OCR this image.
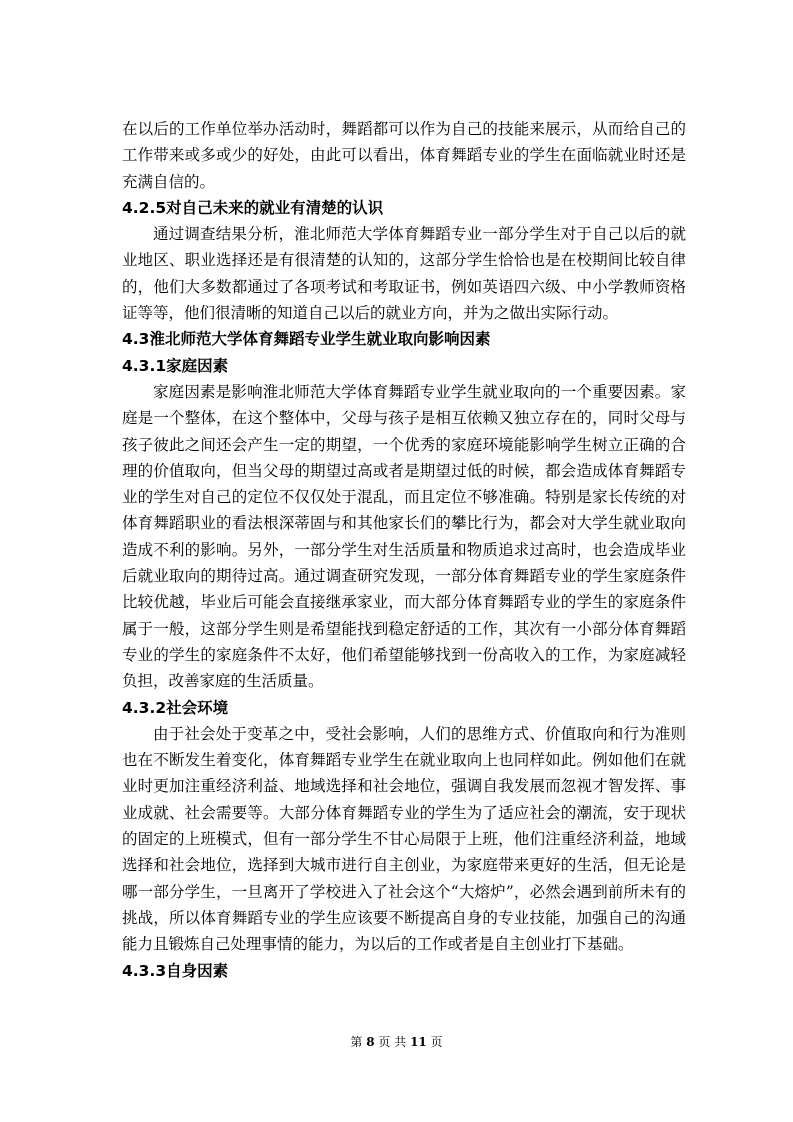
在以后的工作单位举办活动时，舞蹈都可以作为自己的技能来展示，从而给自己的工作带来或多或少的好处，由此可以看出，体育舞蹈专业的学生在面临就业时还是充满自信的。

4.2.5对自己未来的就业有清楚的认识

通过调查结果分析，淮北师范大学体育舞蹈专业一部分学生对于自己以后的就业地区、职业选择还是有很清楚的认知的，这部分学生恰恰也是在校期间比较自律的，他们大多数都通过了各项考试和考取证书，例如英语四六级、中小学教师资格证等等，他们很清晰的知道自己以后的就业方向，并为之做出实际行动。

4.3淮北师范大学体育舞蹈专业学生就业取向影响因素

4.3.1家庭因素

家庭因素是影响淮北师范大学体育舞蹈专业学生就业取向的一个重要因素。家庭是一个整体，在这个整体中，父母与孩子是相互依赖又独立存在的，同时父母与孩子彼此之间还会产生一定的期望，一个优秀的家庭环境能影响学生树立正确的合理的价值取向，但当父母的期望过高或者是期望过低的时候，都会造成体育舞蹈专业的学生对自己的定位不仅仅处于混乱，而且定位不够准确。特别是家长传统的对体育舞蹈职业的看法根深蒂固与和其他家长们的攀比行为，都会对大学生就业取向造成不利的影响。另外，一部分学生对生活质量和物质追求过高时，也会造成毕业后就业取向的期待过高。通过调查研究发现，一部分体育舞蹈专业的学生家庭条件比较优越，毕业后可能会直接继承家业，而大部分体育舞蹈专业的学生的家庭条件属于一般，这部分学生则是希望能找到稳定舒适的工作，其次有一小部分体育舞蹈专业的学生的家庭条件不太好，他们希望能够找到一份高收入的工作，为家庭减轻负担，改善家庭的生活质量。

4.3.2社会环境

由于社会处于变革之中，受社会影响，人们的思维方式、价值取向和行为准则也在不断发生着变化，体育舞蹈专业学生在就业取向上也同样如此。例如他们在就业时更加注重经济利益、地域选择和社会地位，强调自我发展而忽视才智发挥、事业成就、社会需要等。大部分体育舞蹈专业的学生为了适应社会的潮流，安于现状的固定的上班模式，但有一部分学生不甘心局限于上班，他们注重经济利益，地域选择和社会地位，选择到大城市进行自主创业，为家庭带来更好的生活，但无论是哪一部分学生，一旦离开了学校进入了社会这个“大熔炉”，必然会遇到前所未有的挑战，所以体育舞蹈专业的学生应该要不断提高自身的专业技能，加强自己的沟通能力且锻炼自己处理事情的能力，为以后的工作或者是自主创业打下基础。

4.3.3自身因素

第 8 页 共 11 页
